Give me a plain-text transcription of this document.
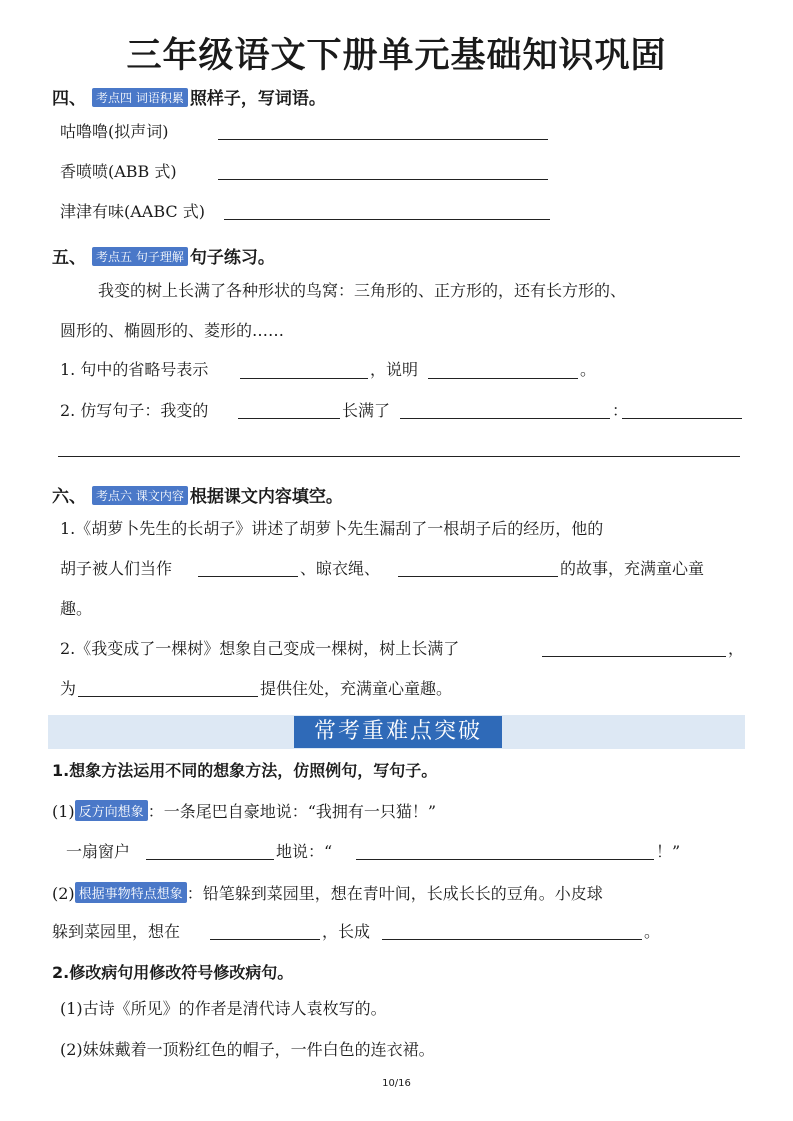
三年级语文下册单元基础知识巩固
四、 考点四 词语积累 照样子，写词语。
咕噜噜(拟声词)
香喷喷(ABB 式)
津津有味(AABC 式)
五、 考点五 句子理解 句子练习。
我变的树上长满了各种形状的鸟窝：三角形的、正方形的，还有长方形的、
圆形的、椭圆形的、菱形的……
1. 句中的省略号表示	，说明	。
2. 仿写句子：我变的	长满了	：
六、 考点六 课文内容 根据课文内容填空。
1.《胡萝卜先生的长胡子》讲述了胡萝卜先生漏刮了一根胡子后的经历，他的
胡子被人们当作	、晾衣绳、	的故事，充满童心童
趣。
2.《我变成了一棵树》想象自己变成一棵树，树上长满了	，
为	提供住处，充满童心童趣。
常考重难点突破
1.想象方法运用不同的想象方法，仿照例句，写句子。
(1) 反方向想象 ：一条尾巴自豪地说：“我拥有一只猫！”
一扇窗户	地说：“	！”
(2) 根据事物特点想象 ：铅笔躲到菜园里，想在青叶间，长成长长的豆角。小皮球
躲到菜园里，想在	，长成	。
2.修改病句用修改符号修改病句。
(1)古诗《所见》的作者是清代诗人袁枚写的。
(2)妹妹戴着一顶粉红色的帽子，一件白色的连衣裙。
10/16
